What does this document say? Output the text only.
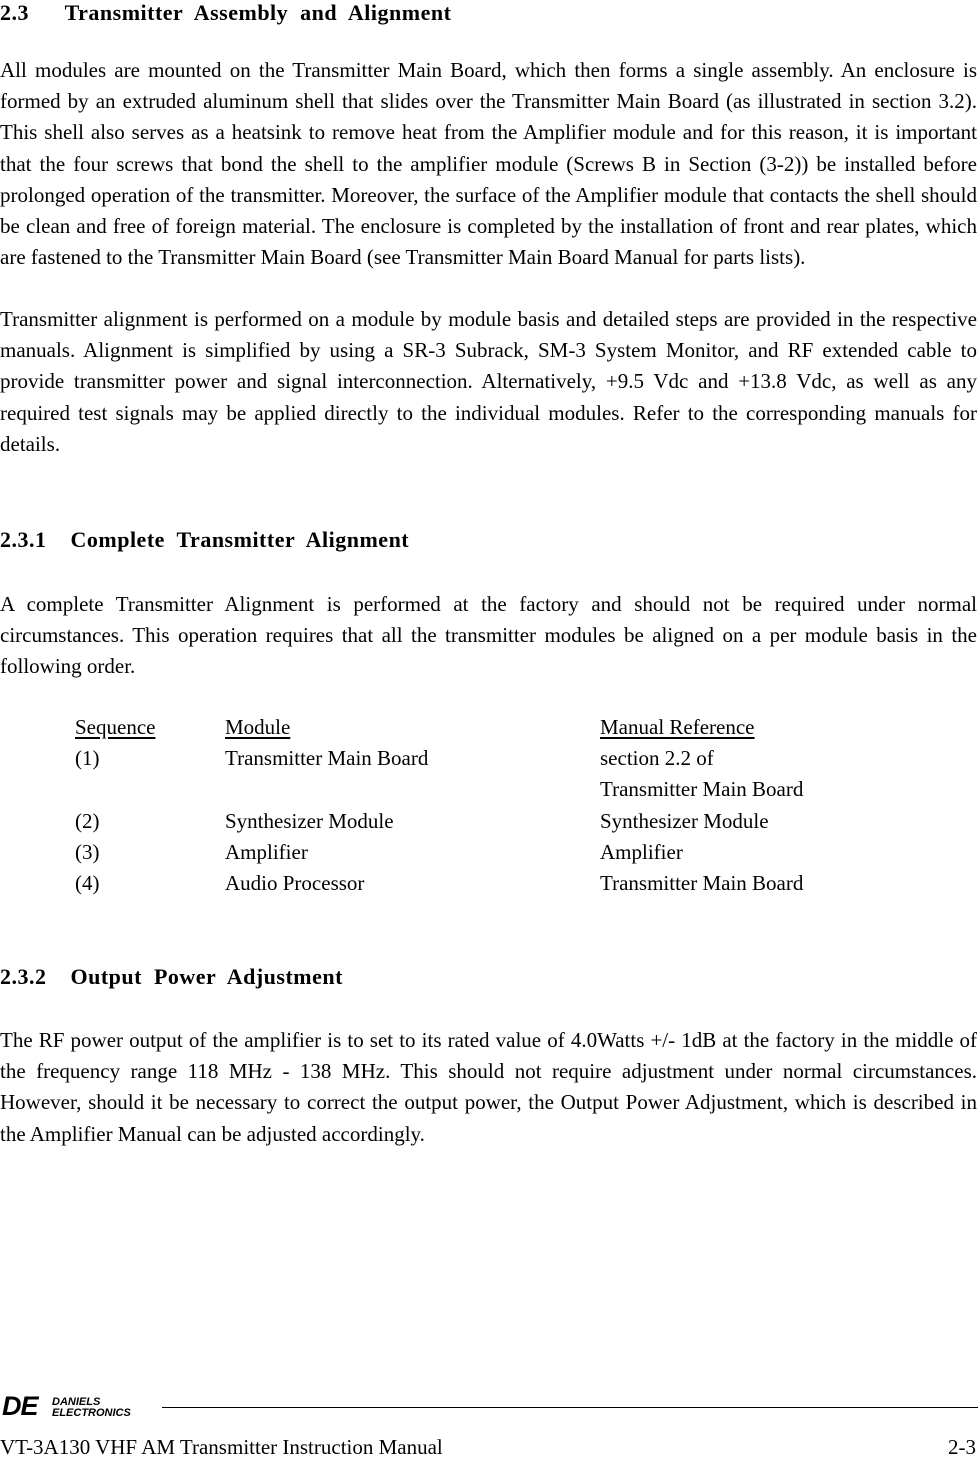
2.3   Transmitter Assembly and Alignment

All modules are mounted on the Transmitter Main Board, which then forms a single assembly. An enclosure is formed by an extruded aluminum shell that slides over the Transmitter Main Board (as illustrated in section 3.2). This shell also serves as a heatsink to remove heat from the Amplifier module and for this reason, it is important that the four screws that bond the shell to the amplifier module (Screws B in Section (3-2)) be installed before prolonged operation of the transmitter. Moreover, the surface of the Amplifier module that contacts the shell should be clean and free of foreign material. The enclosure is completed by the installation of front and rear plates, which are fastened to the Transmitter Main Board (see Transmitter Main Board Manual for parts lists).

Transmitter alignment is performed on a module by module basis and detailed steps are provided in the respective manuals. Alignment is simplified by using a SR-3 Subrack, SM-3 System Monitor, and RF extended cable to provide transmitter power and signal interconnection. Alternatively, +9.5 Vdc and +13.8 Vdc, as well as any required test signals may be applied directly to the individual modules. Refer to the corresponding manuals for details.

2.3.1  Complete Transmitter Alignment

A complete Transmitter Alignment is performed at the factory and should not be required under normal circumstances. This operation requires that all the transmitter modules be aligned on a per module basis in the following order.

Sequence	Module	Manual Reference
(1)	Transmitter Main Board	section 2.2 of
Transmitter Main Board
(2)	Synthesizer Module	Synthesizer Module
(3)	Amplifier	Amplifier
(4)	Audio Processor	Transmitter Main Board
2.3.2  Output Power Adjustment

The RF power output of the amplifier is to set to its rated value of 4.0Watts +/- 1dB at the factory in the middle of the frequency range 118 MHz - 138 MHz. This should not require adjustment under normal circumstances. However, should it be necessary to correct the output power, the Output Power Adjustment, which is described in the Amplifier Manual can be adjusted accordingly.

DE DANIELS
ELECTRONICS
VT-3A130 VHF AM Transmitter Instruction Manual	2-3
